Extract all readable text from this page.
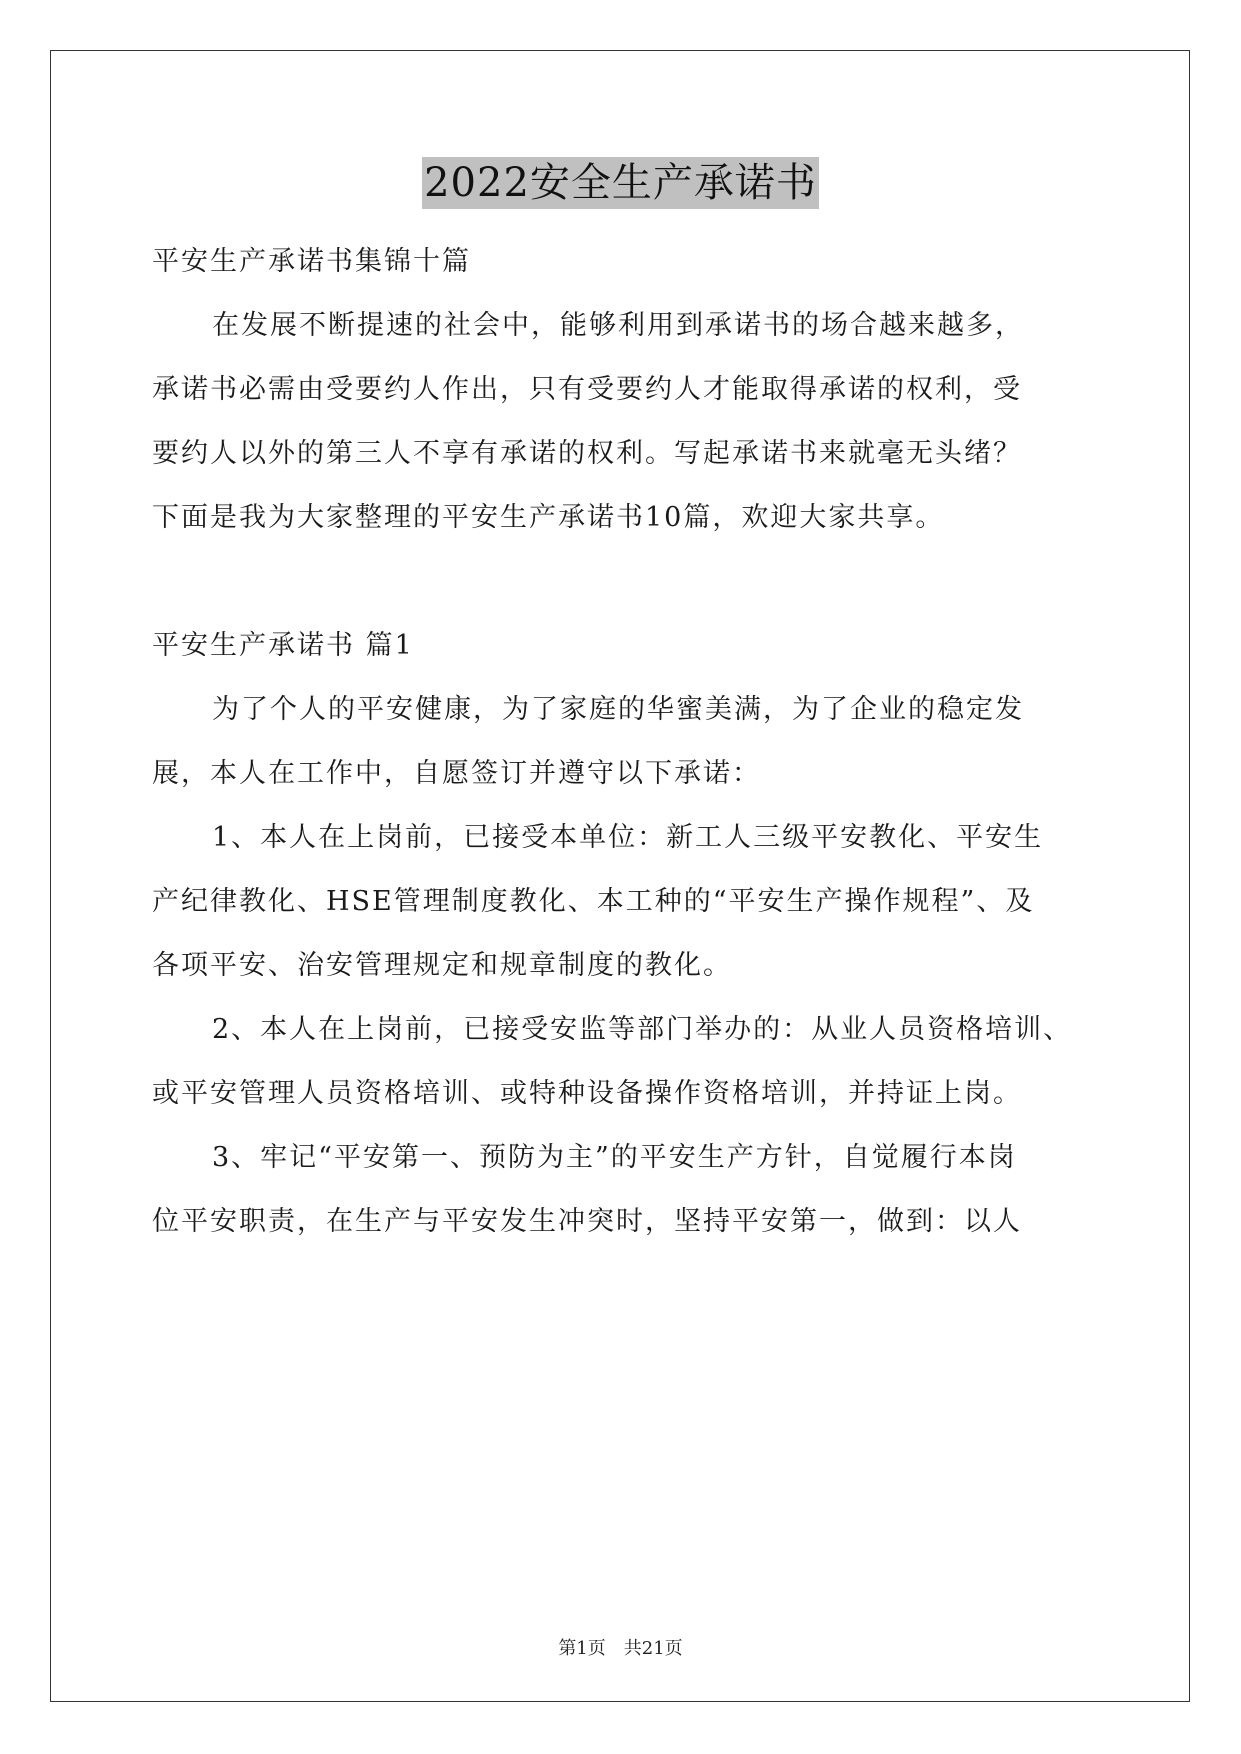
2022安全生产承诺书
平安生产承诺书集锦十篇
在发展不断提速的社会中，能够利用到承诺书的场合越来越多，
承诺书必需由受要约人作出，只有受要约人才能取得承诺的权利，受
要约人以外的第三人不享有承诺的权利。写起承诺书来就毫无头绪？
下面是我为大家整理的平安生产承诺书10篇，欢迎大家共享。
平安生产承诺书 篇1
为了个人的平安健康，为了家庭的华蜜美满，为了企业的稳定发
展，本人在工作中，自愿签订并遵守以下承诺：
1、本人在上岗前，已接受本单位：新工人三级平安教化、平安生
产纪律教化、HSE管理制度教化、本工种的“平安生产操作规程”、及
各项平安、治安管理规定和规章制度的教化。
2、本人在上岗前，已接受安监等部门举办的：从业人员资格培训、
或平安管理人员资格培训、或特种设备操作资格培训，并持证上岗。
3、牢记“平安第一、预防为主”的平安生产方针，自觉履行本岗
位平安职责，在生产与平安发生冲突时，坚持平安第一，做到：以人
第1页　共21页
